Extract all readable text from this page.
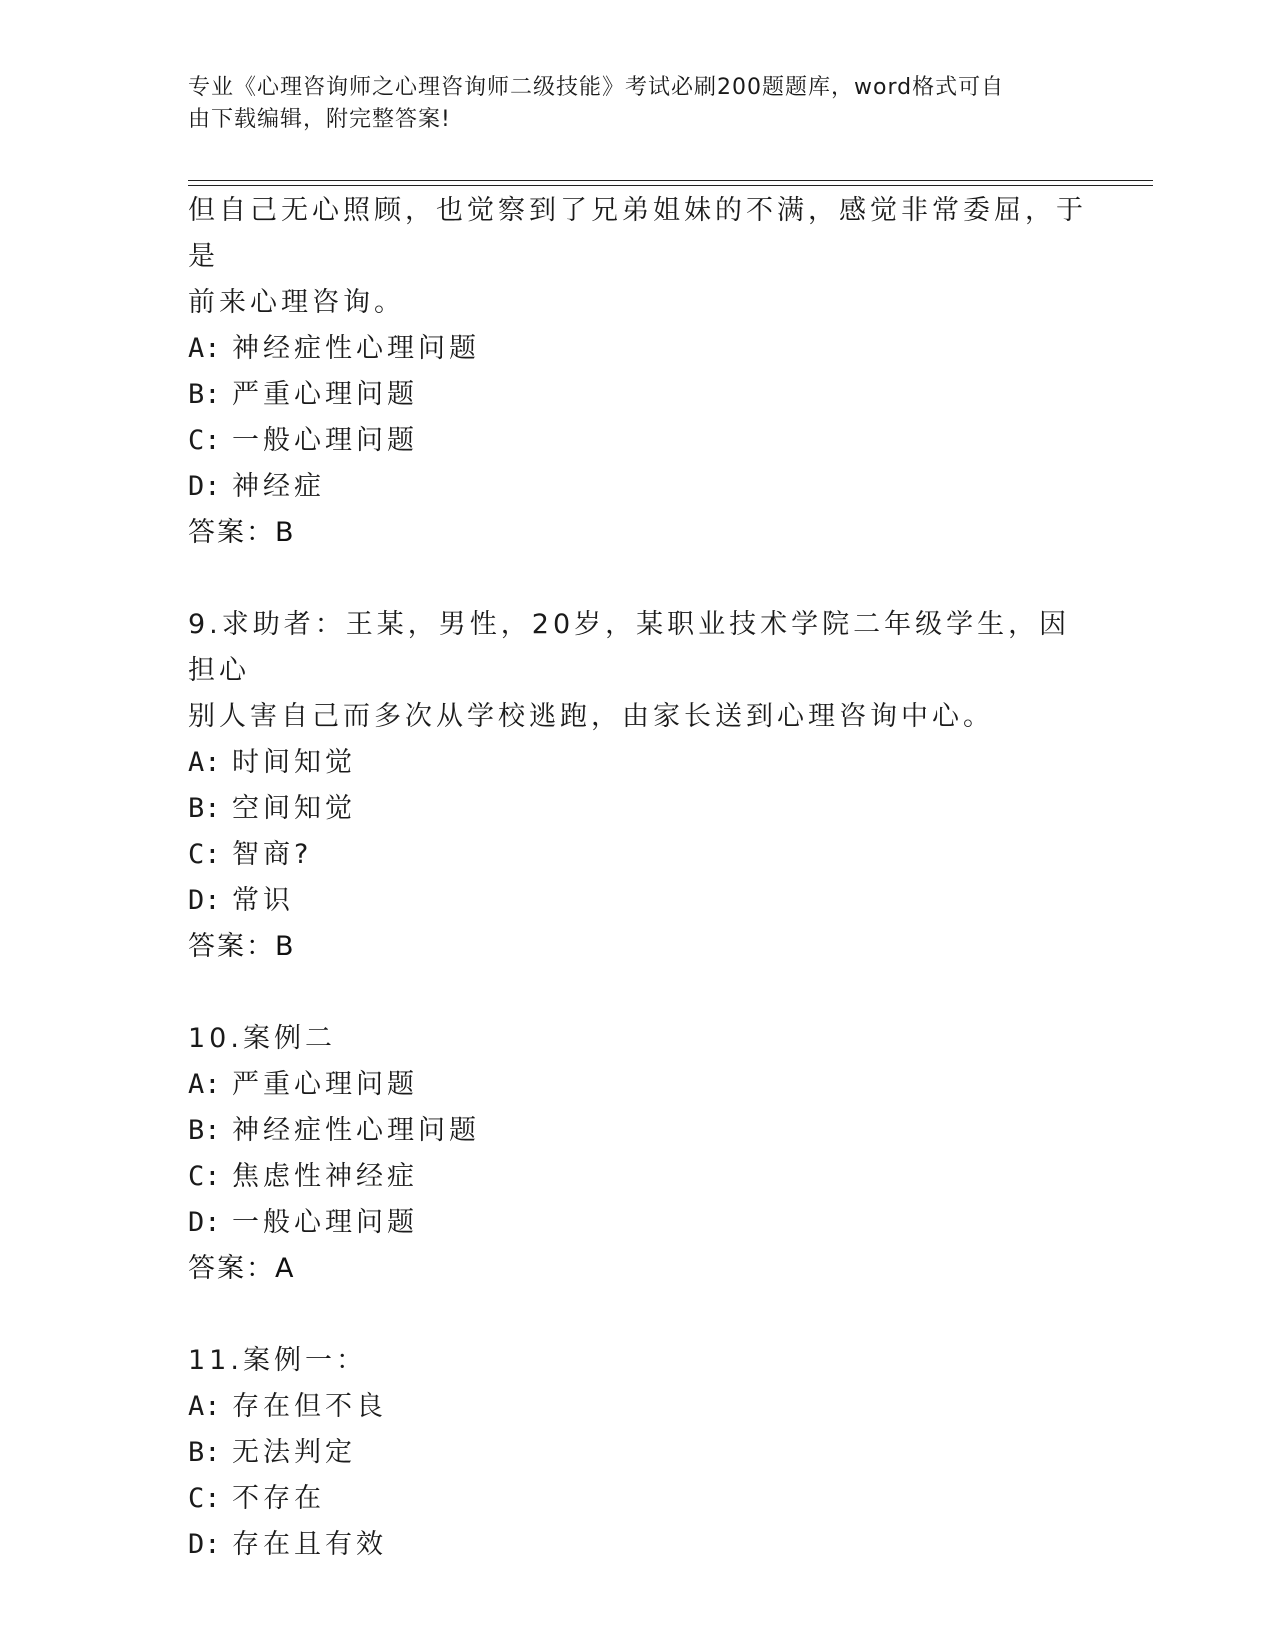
专业《心理咨询师之心理咨询师二级技能》考试必刷200题题库，word格式可自
由下载编辑，附完整答案!
但自己无心照顾，也觉察到了兄弟姐妹的不满，感觉非常委屈，于是
前来心理咨询。
A: 神经症性心理问题
B: 严重心理问题
C: 一般心理问题
D: 神经症
答案：B
9.求助者：王某，男性，20岁，某职业技术学院二年级学生，因担心
别人害自己而多次从学校逃跑，由家长送到心理咨询中心。
A: 时间知觉
B: 空间知觉
C: 智商?
D: 常识
答案：B
10.案例二
A: 严重心理问题
B: 神经症性心理问题
C: 焦虑性神经症
D: 一般心理问题
答案：A
11.案例一：
A: 存在但不良
B: 无法判定
C: 不存在
D: 存在且有效
